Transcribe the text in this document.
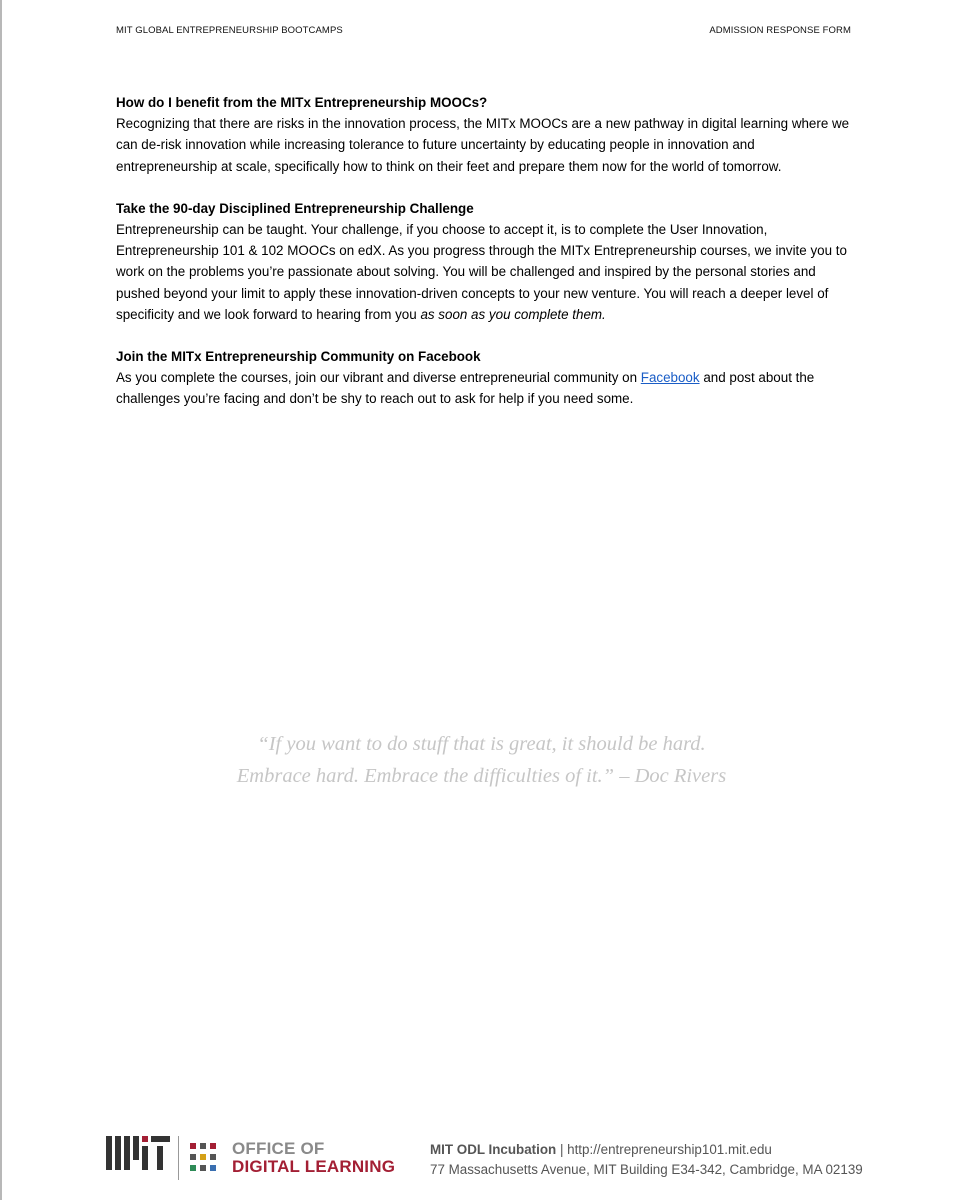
MIT GLOBAL ENTREPRENEURSHIP BOOTCAMPS	ADMISSION RESPONSE FORM
How do I benefit from the MITx Entrepreneurship MOOCs?
Recognizing that there are risks in the innovation process, the MITx MOOCs are a new pathway in digital learning where we can de-risk innovation while increasing tolerance to future uncertainty by educating people in innovation and entrepreneurship at scale, specifically how to think on their feet and prepare them now for the world of tomorrow.
Take the 90-day Disciplined Entrepreneurship Challenge
Entrepreneurship can be taught. Your challenge, if you choose to accept it, is to complete the User Innovation, Entrepreneurship 101 & 102 MOOCs on edX. As you progress through the MITx Entrepreneurship courses, we invite you to work on the problems you’re passionate about solving. You will be challenged and inspired by the personal stories and pushed beyond your limit to apply these innovation-driven concepts to your new venture. You will reach a deeper level of specificity and we look forward to hearing from you as soon as you complete them.
Join the MITx Entrepreneurship Community on Facebook
As you complete the courses, join our vibrant and diverse entrepreneurial community on Facebook and post about the challenges you’re facing and don’t be shy to reach out to ask for help if you need some.
“If you want to do stuff that is great, it should be hard.
Embrace hard. Embrace the difficulties of it.” – Doc Rivers
OFFICE OF
DIGITAL LEARNING
MIT ODL Incubation | http://entrepreneurship101.mit.edu
77 Massachusetts Avenue, MIT Building E34-342, Cambridge, MA 02139
